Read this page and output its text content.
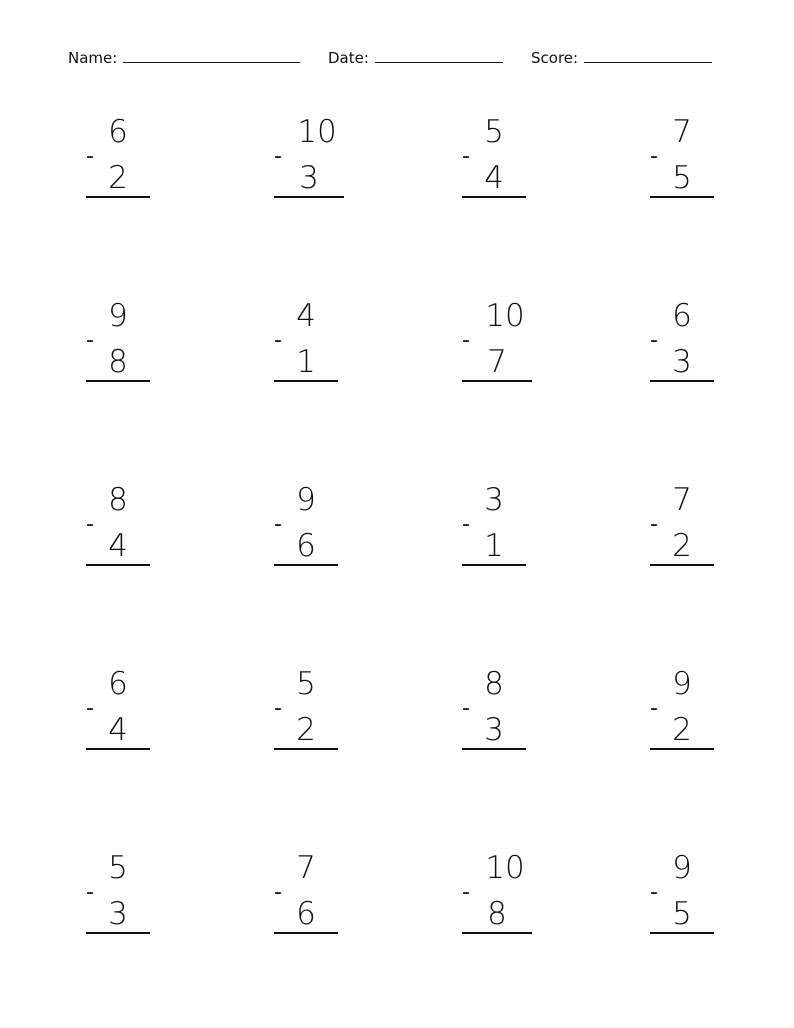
Name:	Date:	Score:
6
-
2
10
-
3
5
-
4
7
-
5
9
-
8
4
-
1
10
-
7
6
-
3
8
-
4
9
-
6
3
-
1
7
-
2
6
-
4
5
-
2
8
-
3
9
-
2
5
-
3
7
-
6
10
-
8
9
-
5
